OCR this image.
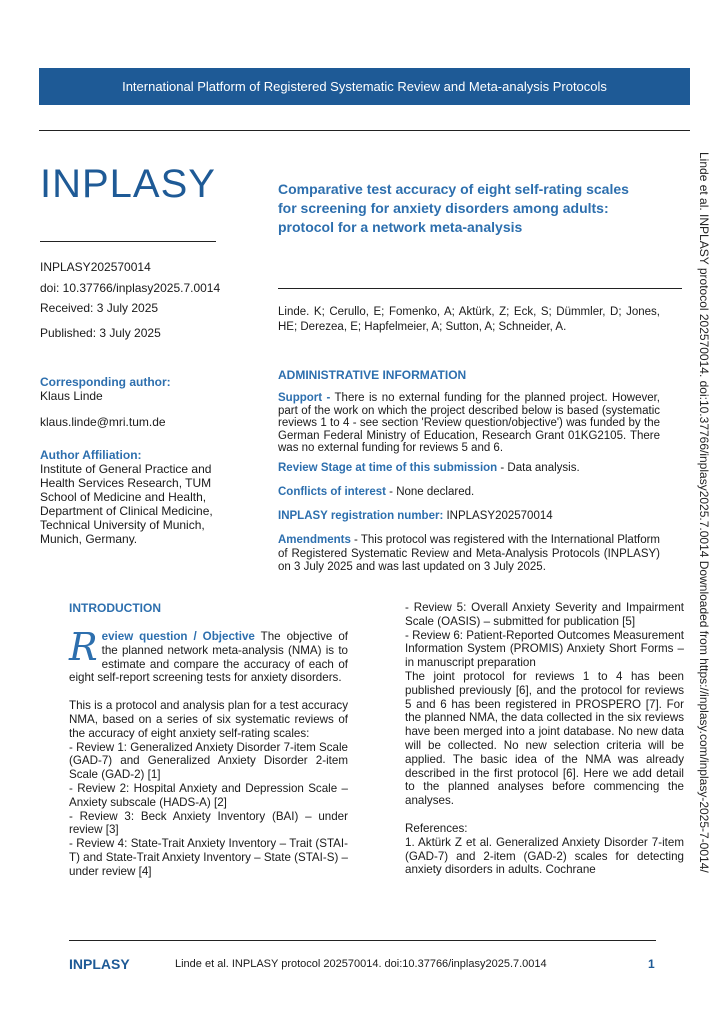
International Platform of Registered Systematic Review and Meta-analysis Protocols
INPLASY
INPLASY202570014
doi: 10.37766/inplasy2025.7.0014
Received: 3 July 2025
Published: 3 July 2025
Comparative test accuracy of eight self-rating scales for screening for anxiety disorders among adults: protocol for a network meta-analysis
Linde. K; Cerullo, E; Fomenko, A; Aktürk, Z; Eck, S; Dümmler, D; Jones, HE; Derezea, E; Hapfelmeier, A; Sutton, A; Schneider, A.
Corresponding author:
Klaus Linde
klaus.linde@mri.tum.de
Author Affiliation:
Institute of General Practice and
Health Services Research, TUM
School of Medicine and Health,
Department of Clinical Medicine,
Technical University of Munich,
Munich, Germany.
ADMINISTRATIVE INFORMATION
Support - There is no external funding for the planned project. However, part of the work on which the project described below is based (systematic reviews 1 to 4 - see section 'Review question/objective') was funded by the German Federal Ministry of Education, Research Grant 01KG2105. There was no external funding for reviews 5 and 6.
Review Stage at time of this submission - Data analysis.
Conflicts of interest - None declared.
INPLASY registration number: INPLASY202570014
Amendments - This protocol was registered with the International Platform of Registered Systematic Review and Meta-Analysis Protocols (INPLASY) on 3 July 2025 and was last updated on 3 July 2025.
INTRODUCTION

Review question / Objective The objective of the planned network meta-analysis (NMA) is to estimate and compare the accuracy of each of eight self-report screening tests for anxiety disorders.

This is a protocol and analysis plan for a test accuracy NMA, based on a series of six systematic reviews of the accuracy of eight anxiety self-rating scales:

- Review 1: Generalized Anxiety Disorder 7-item Scale (GAD-7) and Generalized Anxiety Disorder 2-item Scale (GAD-2) [1]

- Review 2: Hospital Anxiety and Depression Scale – Anxiety subscale (HADS-A) [2]

- Review 3: Beck Anxiety Inventory (BAI) – under review [3]

- Review 4: State-Trait Anxiety Inventory – Trait (STAI-T) and State-Trait Anxiety Inventory – State (STAI-S) – under review [4]

- Review 5: Overall Anxiety Severity and Impairment Scale (OASIS) – submitted for publication [5]

- Review 6: Patient-Reported Outcomes Measurement Information System (PROMIS) Anxiety Short Forms – in manuscript preparation

The joint protocol for reviews 1 to 4 has been published previously [6], and the protocol for reviews 5 and 6 has been registered in PROSPERO [7]. For the planned NMA, the data collected in the six reviews have been merged into a joint database. No new data will be collected. No new selection criteria will be applied. The basic idea of the NMA was already described in the first protocol [6]. Here we add detail to the planned analyses before commencing the analyses.

References:

1. Aktürk Z et al. Generalized Anxiety Disorder 7-item (GAD-7) and 2-item (GAD-2) scales for detecting anxiety disorders in adults. Cochrane	Linde et al. INPLASY protocol 202570014. doi:10.37766/inplasy2025.7.0014 Downloaded from https://inplasy.com/inplasy-2025-7-0014/
INPLASY	Linde et al. INPLASY protocol 202570014. doi:10.37766/inplasy2025.7.0014	1
